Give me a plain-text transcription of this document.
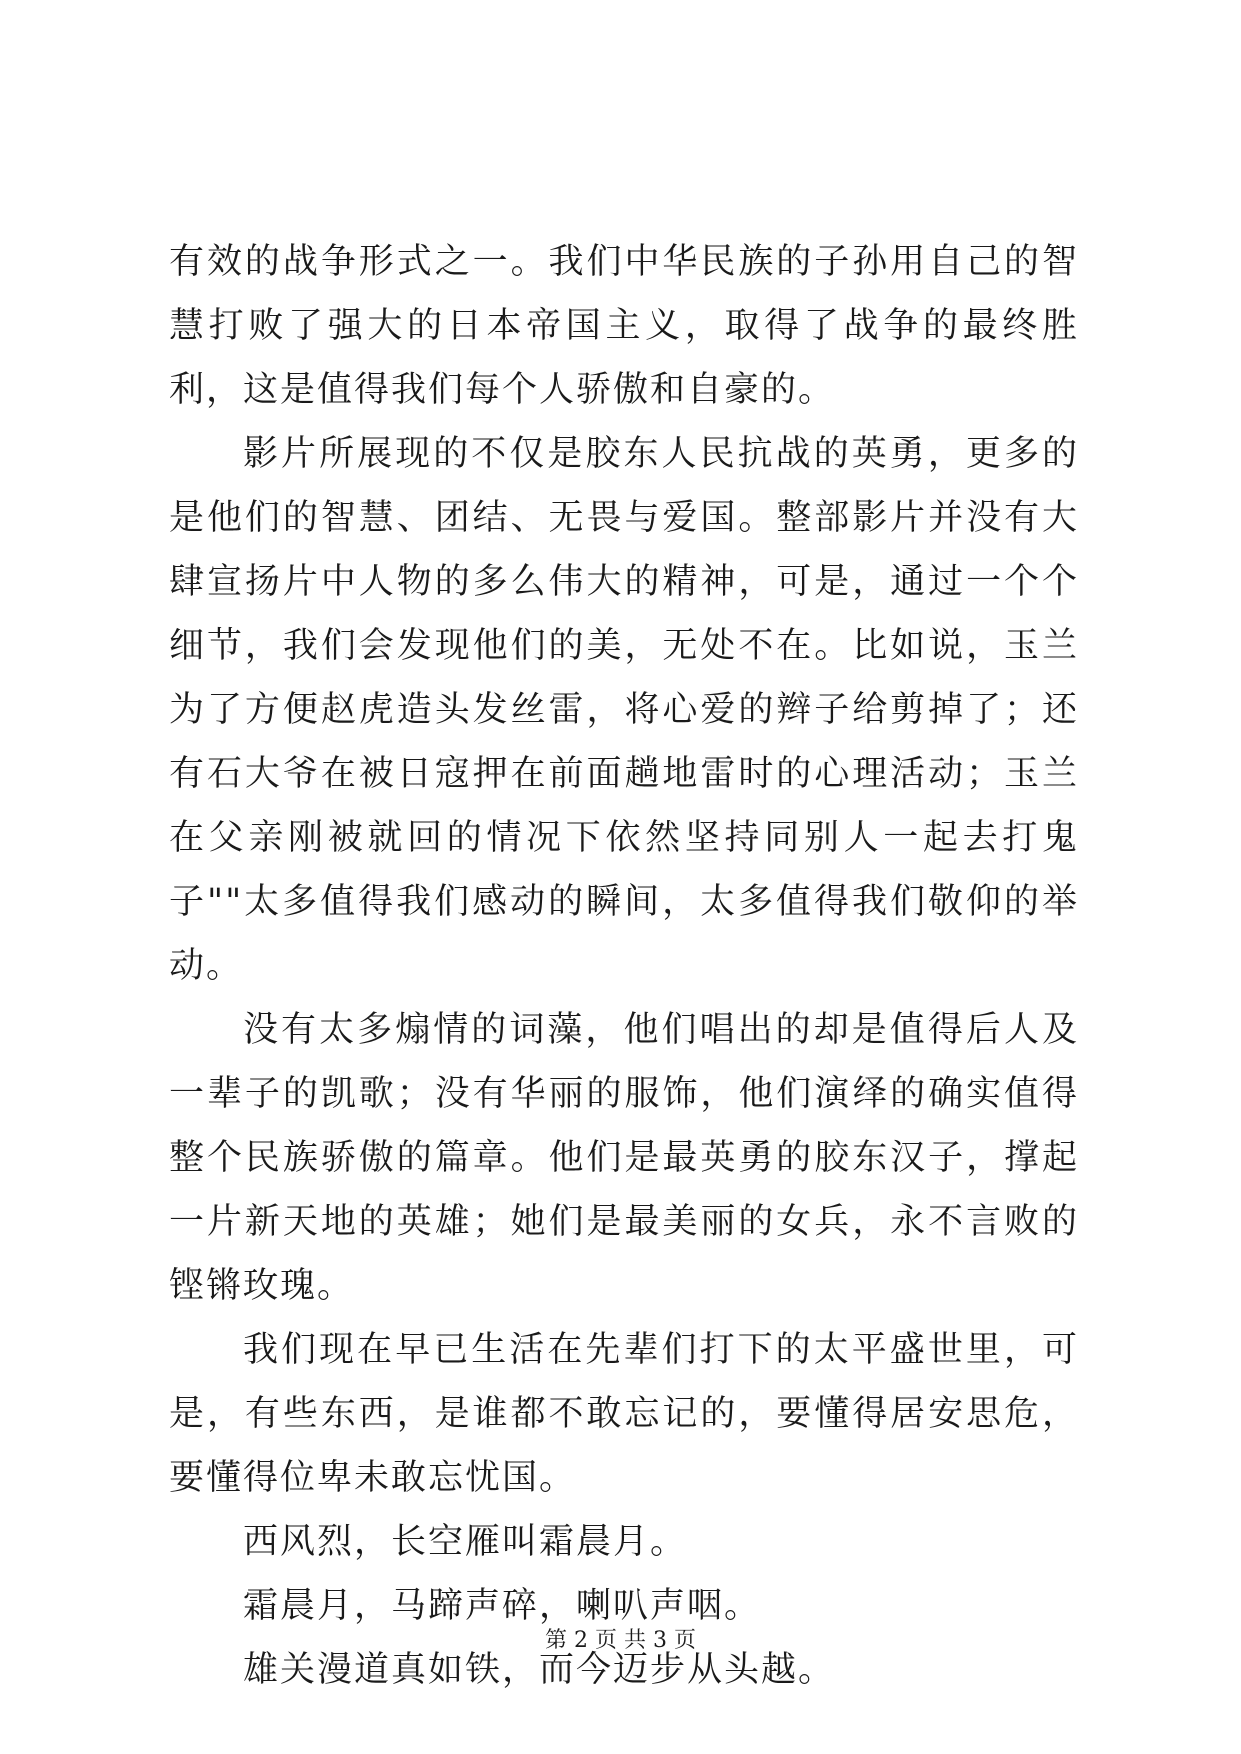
有效的战争形式之一。我们中华民族的子孙用自己的智慧打败了强大的日本帝国主义，取得了战争的最终胜利，这是值得我们每个人骄傲和自豪的。

影片所展现的不仅是胶东人民抗战的英勇，更多的是他们的智慧、团结、无畏与爱国。整部影片并没有大肆宣扬片中人物的多么伟大的精神，可是，通过一个个细节，我们会发现他们的美，无处不在。比如说，玉兰为了方便赵虎造头发丝雷，将心爱的辫子给剪掉了；还有石大爷在被日寇押在前面趟地雷时的心理活动；玉兰在父亲刚被就回的情况下依然坚持同别人一起去打鬼子""太多值得我们感动的瞬间，太多值得我们敬仰的举动。

没有太多煽情的词藻，他们唱出的却是值得后人及一辈子的凯歌；没有华丽的服饰，他们演绎的确实值得整个民族骄傲的篇章。他们是最英勇的胶东汉子，撑起一片新天地的英雄；她们是最美丽的女兵，永不言败的铿锵玫瑰。

我们现在早已生活在先辈们打下的太平盛世里，可是，有些东西，是谁都不敢忘记的，要懂得居安思危，要懂得位卑未敢忘忧国。

西风烈，长空雁叫霜晨月。

霜晨月，马蹄声碎，喇叭声咽。

雄关漫道真如铁，而今迈步从头越。

第 2 页 共 3 页
